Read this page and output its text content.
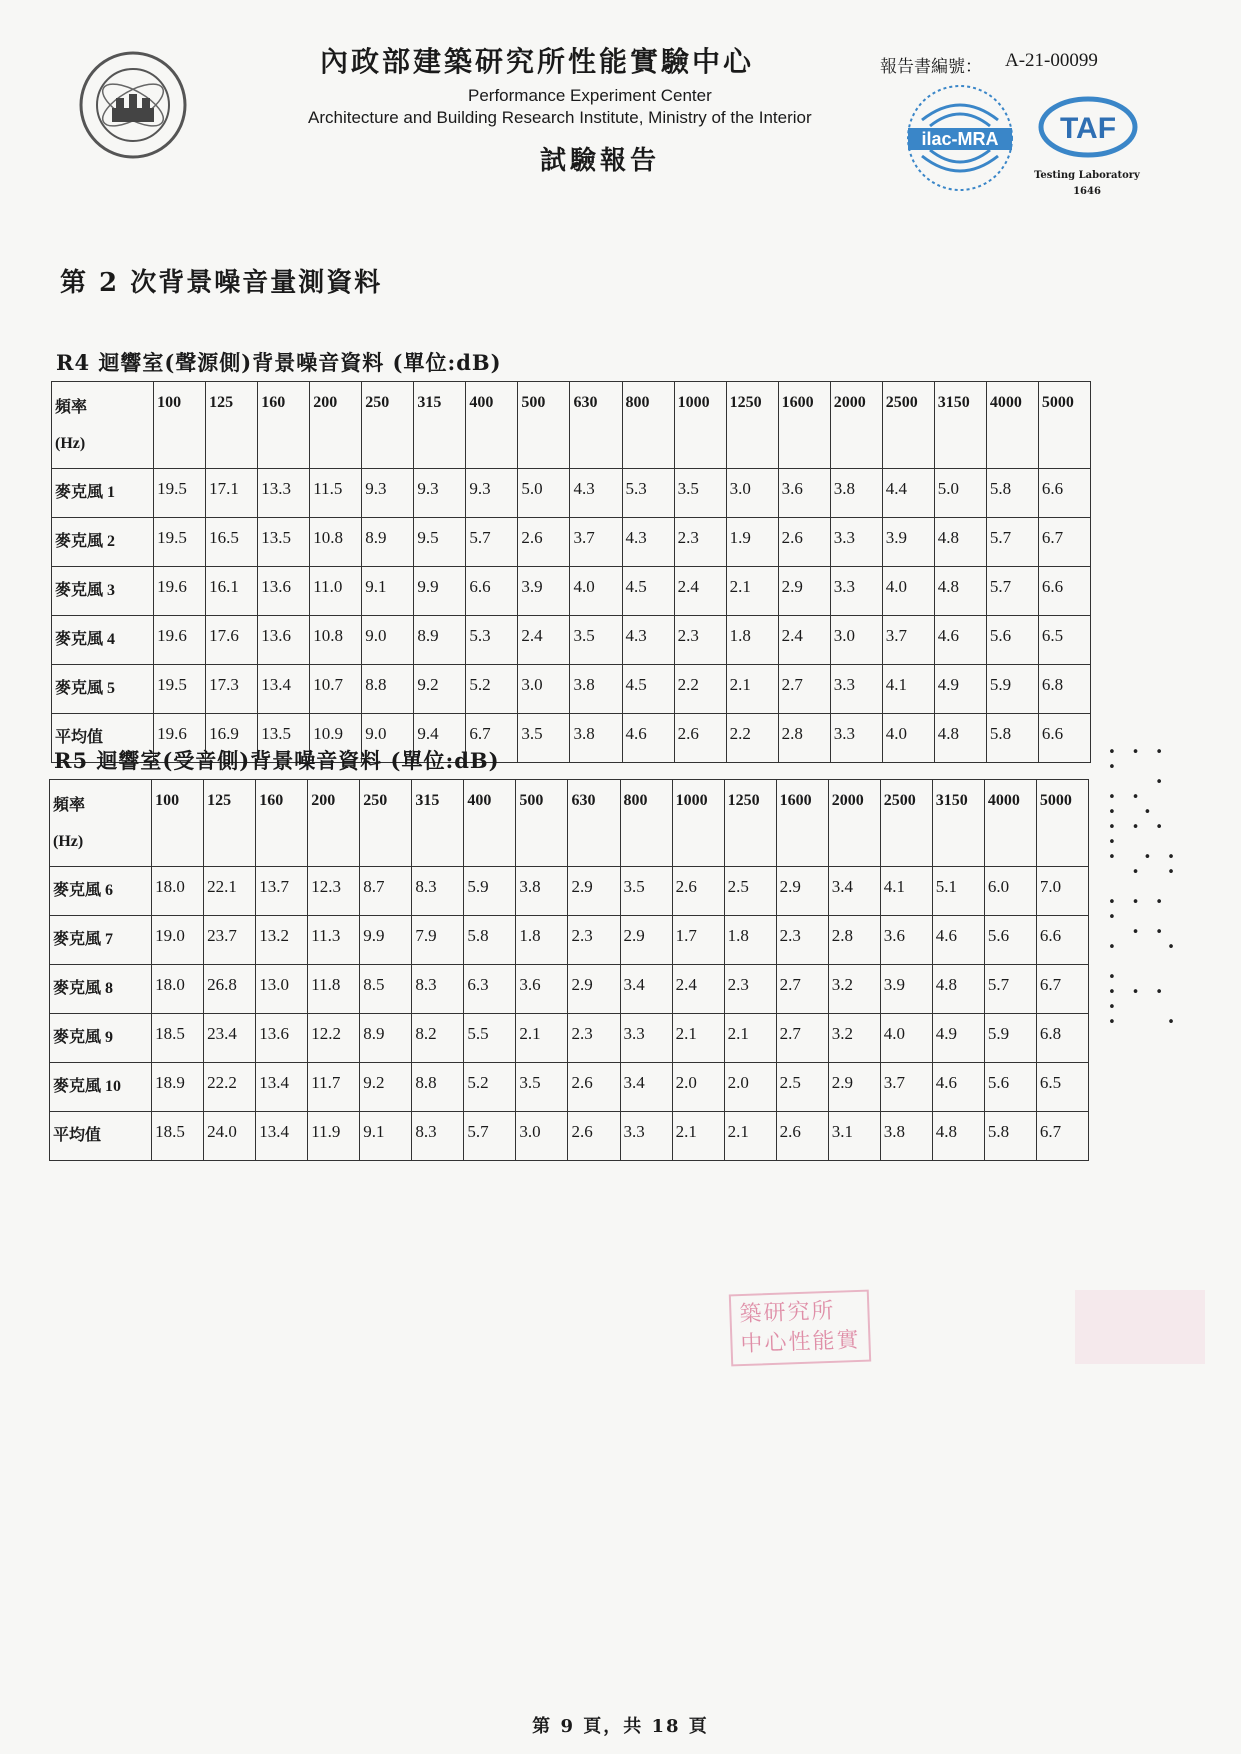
內政部建築研究所性能實驗中心
Performance Experiment Center
Architecture and Building Research Institute, Ministry of the Interior
試驗報告
報告書編號： A-21-00099
ilac-MRA TAF
Testing Laboratory
1646
第 2 次背景噪音量測資料
R4 迴響室(聲源側)背景噪音資料 (單位:dB)
頻率
(Hz)	100	125	160	200	250	315	400	500	630	800	1000	1250	1600	2000	2500	3150	4000	5000
麥克風 1	19.5	17.1	13.3	11.5	9.3	9.3	9.3	5.0	4.3	5.3	3.5	3.0	3.6	3.8	4.4	5.0	5.8	6.6
麥克風 2	19.5	16.5	13.5	10.8	8.9	9.5	5.7	2.6	3.7	4.3	2.3	1.9	2.6	3.3	3.9	4.8	5.7	6.7
麥克風 3	19.6	16.1	13.6	11.0	9.1	9.9	6.6	3.9	4.0	4.5	2.4	2.1	2.9	3.3	4.0	4.8	5.7	6.6
麥克風 4	19.6	17.6	13.6	10.8	9.0	8.9	5.3	2.4	3.5	4.3	2.3	1.8	2.4	3.0	3.7	4.6	5.6	6.5
麥克風 5	19.5	17.3	13.4	10.7	8.8	9.2	5.2	3.0	3.8	4.5	2.2	2.1	2.7	3.3	4.1	4.9	5.9	6.8
平均值	19.6	16.9	13.5	10.9	9.0	9.4	6.7	3.5	3.8	4.6	2.6	2.2	2.8	3.3	4.0	4.8	5.8	6.6
R5 迴響室(受音側)背景噪音資料 (單位:dB)
頻率
(Hz)	100	125	160	200	250	315	400	500	630	800	1000	1250	1600	2000	2500	3150	4000	5000
麥克風 6	18.0	22.1	13.7	12.3	8.7	8.3	5.9	3.8	2.9	3.5	2.6	2.5	2.9	3.4	4.1	5.1	6.0	7.0
麥克風 7	19.0	23.7	13.2	11.3	9.9	7.9	5.8	1.8	2.3	2.9	1.7	1.8	2.3	2.8	3.6	4.6	5.6	6.6
麥克風 8	18.0	26.8	13.0	11.8	8.5	8.3	6.3	3.6	2.9	3.4	2.4	2.3	2.7	3.2	3.9	4.8	5.7	6.7
麥克風 9	18.5	23.4	13.6	12.2	8.9	8.2	5.5	2.1	2.3	3.3	2.1	2.1	2.7	3.2	4.0	4.9	5.9	6.8
麥克風 10	18.9	22.2	13.4	11.7	9.2	8.8	5.2	3.5	2.6	3.4	2.0	2.0	2.5	2.9	3.7	4.6	5.6	6.5
平均值	18.5	24.0	13.4	11.9	9.1	8.3	5.7	3.0	2.6	3.3	2.1	2.1	2.6	3.1	3.8	4.8	5.8	6.7
• • • •
•
• • •  •
• • • •
•  • •
•  •
• • • •
• •
•    •
•
• • • •
•    •
築研究所
中心性能實
第 9 頁，共 18 頁
